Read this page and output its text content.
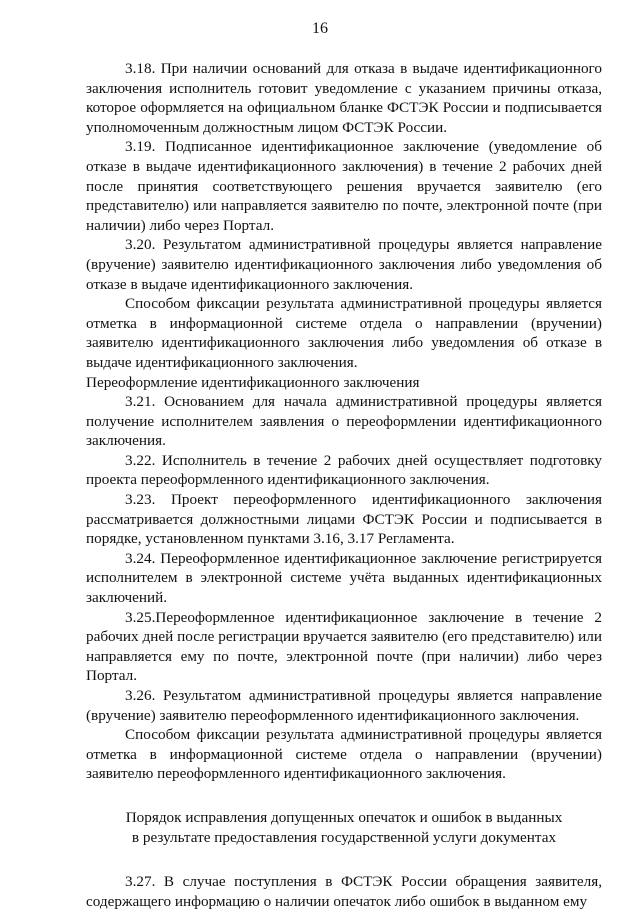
16

3.18. При наличии оснований для отказа в выдаче идентификационного заключения исполнитель готовит уведомление с указанием причины отказа, которое оформляется на официальном бланке ФСТЭК России и подписывается уполномоченным должностным лицом ФСТЭК России.

3.19. Подписанное идентификационное заключение (уведомление об отказе в выдаче идентификационного заключения) в течение 2 рабочих дней после принятия соответствующего решения вручается заявителю (его представителю) или направляется заявителю по почте, электронной почте (при наличии) либо через Портал.

3.20. Результатом административной процедуры является направление (вручение) заявителю идентификационного заключения либо уведомления об отказе в выдаче идентификационного заключения.

Способом фиксации результата административной процедуры является отметка в информационной системе отдела о направлении (вручении) заявителю идентификационного заключения либо уведомления об отказе в выдаче идентификационного заключения.

Переоформление идентификационного заключения

3.21. Основанием для начала административной процедуры является получение исполнителем заявления о переоформлении идентификационного заключения.

3.22. Исполнитель в течение 2 рабочих дней осуществляет подготовку проекта переоформленного идентификационного заключения.

3.23. Проект переоформленного идентификационного заключения рассматривается должностными лицами ФСТЭК России и подписывается в порядке, установленном пунктами 3.16, 3.17 Регламента.

3.24. Переоформленное идентификационное заключение регистрируется исполнителем в электронной системе учёта выданных идентификационных заключений.

3.25.Переоформленное идентификационное заключение в течение 2 рабочих дней после регистрации вручается заявителю (его представителю) или направляется ему по почте, электронной почте (при наличии) либо через Портал.

3.26. Результатом административной процедуры является направление (вручение) заявителю переоформленного идентификационного заключения.

Способом фиксации результата административной процедуры является отметка в информационной системе отдела о направлении (вручении) заявителю переоформленного идентификационного заключения.

Порядок исправления допущенных опечаток и ошибок в выданных
в результате предоставления государственной услуги документах

3.27. В случае поступления в ФСТЭК России обращения заявителя, содержащего информацию о наличии опечаток либо ошибок в выданном ему
